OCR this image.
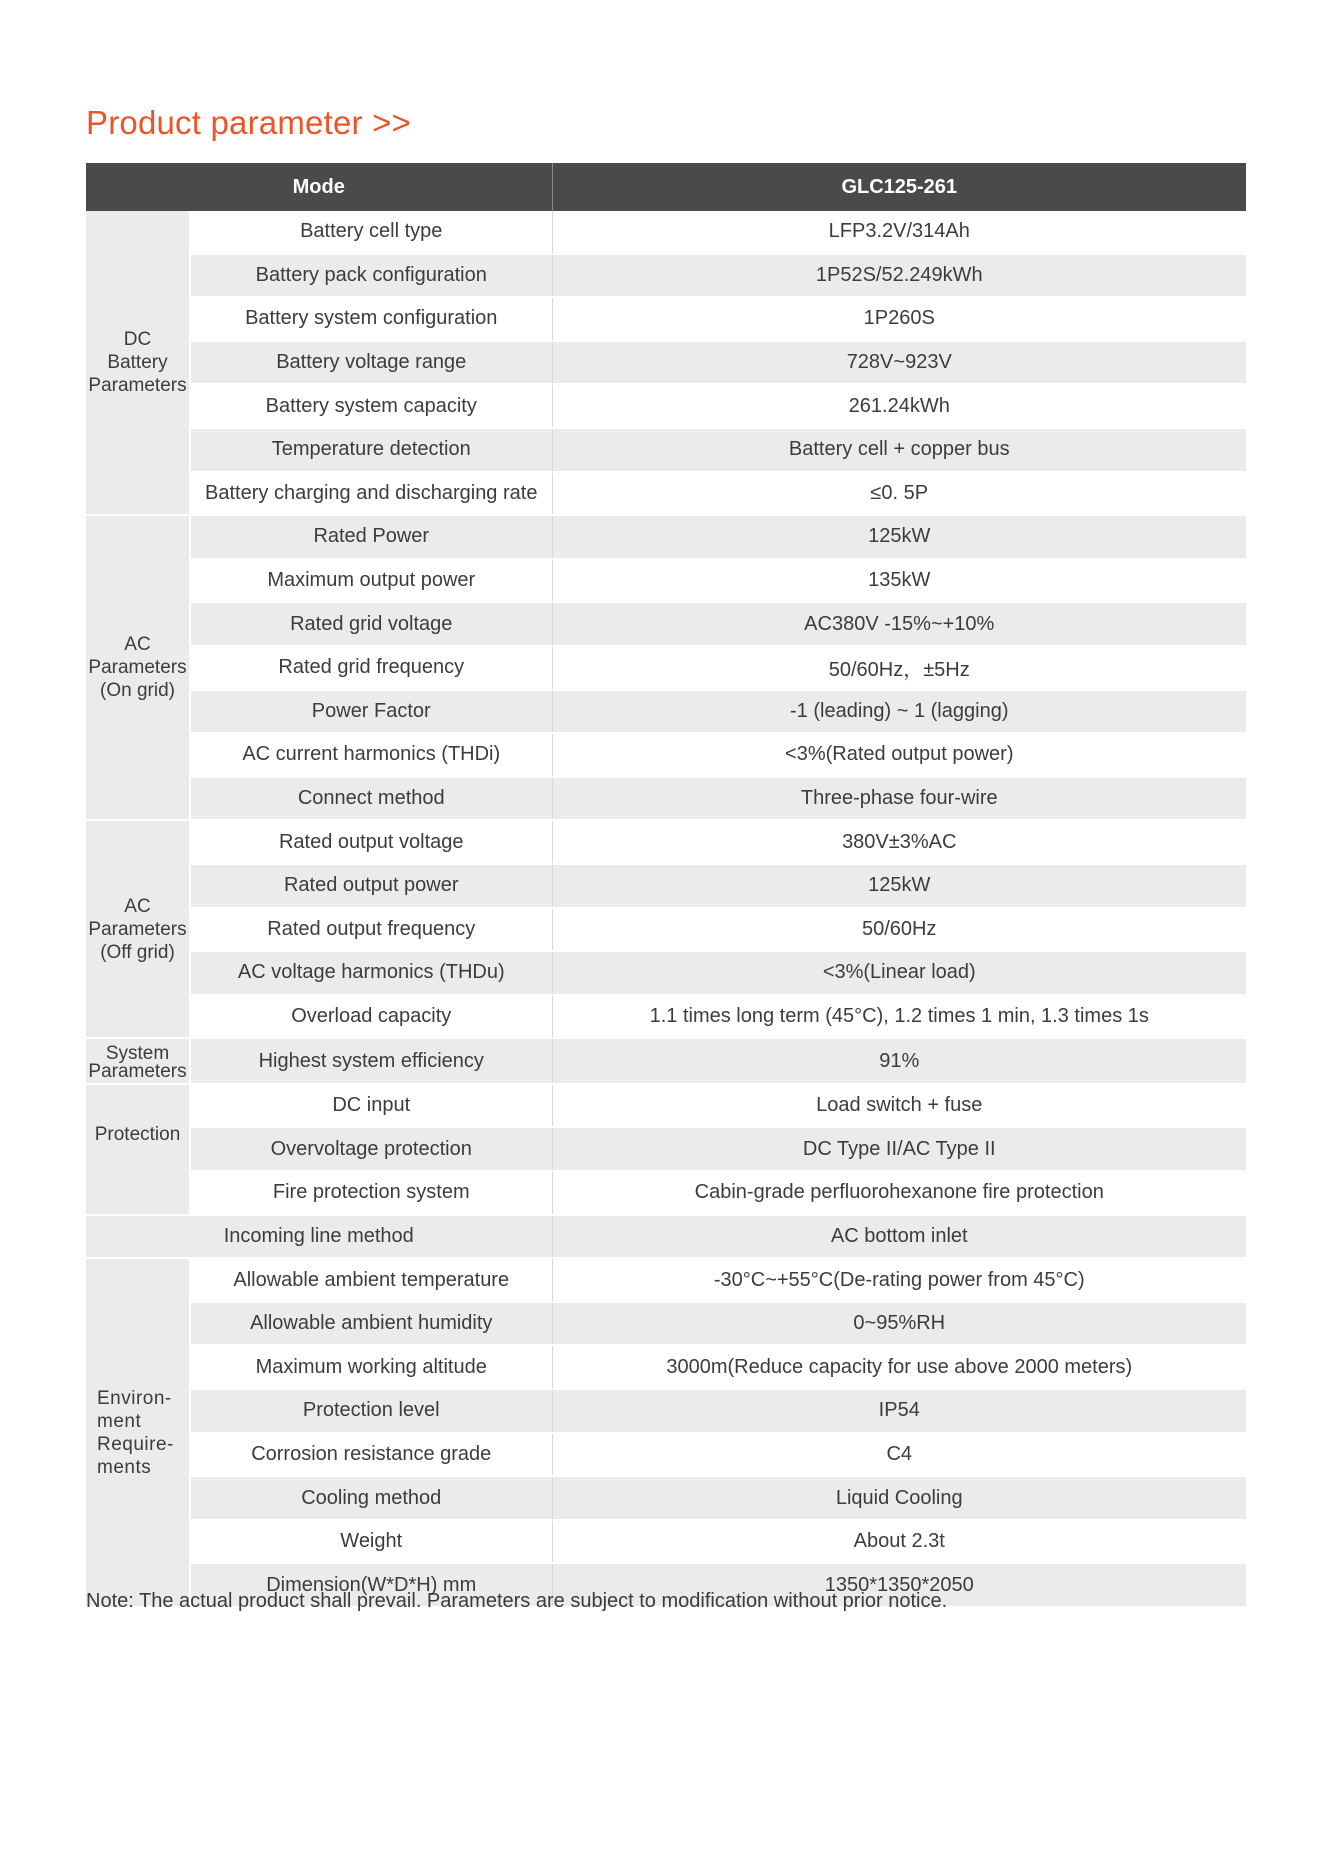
Product parameter >>
Mode		GLC125-261

DC
Battery
Parameters	Battery cell type	LFP3.2V/314Ah
	Battery pack configuration	1P52S/52.249kWh
	Battery system configuration	1P260S
	Battery voltage range	728V~923V
	Battery system capacity	261.24kWh
	Temperature detection	Battery cell + copper bus
	Battery charging and discharging rate	≤0. 5P

AC
Parameters
(On grid)	Rated Power	125kW
	Maximum output power	135kW
	Rated grid voltage	AC380V -15%~+10%
	Rated grid frequency	50/60Hz，±5Hz
	Power Factor	-1 (leading) ~ 1 (lagging)
	AC current harmonics (THDi)	<3%(Rated output power)
	Connect method	Three-phase four-wire

AC
Parameters
(Off grid)	Rated output voltage	380V±3%AC
	Rated output power	125kW
	Rated output frequency	50/60Hz
	AC voltage harmonics (THDu)	<3%(Linear load)
	Overload capacity	1.1 times long term (45°C), 1.2 times 1 min, 1.3 times 1s

System
Parameters	Highest system efficiency	91%

Protection	DC input	Load switch + fuse
	Overvoltage protection	DC Type II/AC Type II
	Fire protection system	Cabin-grade perfluorohexanone fire protection
Incoming line method		AC bottom inlet

Environ-
ment
Require-
ments	Allowable ambient temperature	-30°C~+55°C(De-rating power from 45°C)
	Allowable ambient humidity	0~95%RH
	Maximum working altitude	3000m(Reduce capacity for use above 2000 meters)
	Protection level	IP54
	Corrosion resistance grade	C4
	Cooling method	Liquid Cooling
	Weight	About 2.3t
	Dimension(W*D*H) mm	1350*1350*2050
Note: The actual product shall prevail. Parameters are subject to modification without prior notice.
